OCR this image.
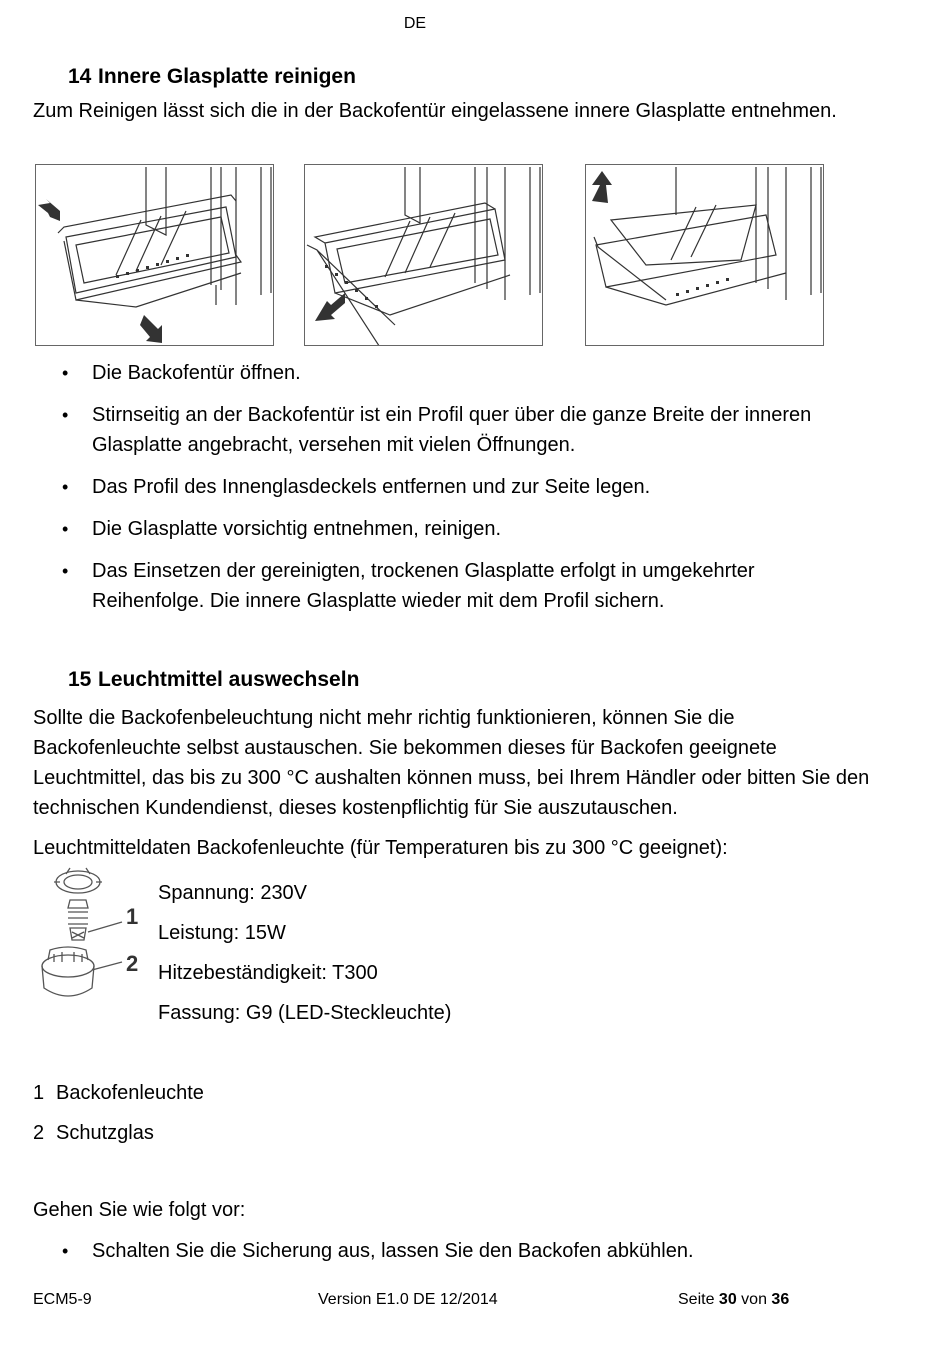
DE
14 Innere Glasplatte reinigen
Zum Reinigen lässt sich die in der Backofentür eingelassene innere Glasplatte entnehmen.
• Die Backofentür öffnen.
• Stirnseitig an der Backofentür ist ein Profil quer über die ganze Breite der inneren Glasplatte angebracht, versehen mit vielen Öffnungen.
• Das Profil des Innenglasdeckels entfernen und zur Seite legen.
• Die Glasplatte vorsichtig entnehmen, reinigen.
• Das Einsetzen der gereinigten, trockenen Glasplatte erfolgt in umgekehrter Reihenfolge. Die innere Glasplatte wieder mit dem Profil sichern.
15 Leuchtmittel auswechseln
Sollte die Backofenbeleuchtung nicht mehr richtig funktionieren, können Sie die Backofenleuchte selbst austauschen. Sie bekommen dieses für Backofen geeignete Leuchtmittel, das bis zu 300 °C aushalten können muss, bei Ihrem Händler oder bitten Sie den technischen Kundendienst, dieses kostenpflichtig für Sie auszutauschen.
Leuchtmitteldaten Backofenleuchte (für Temperaturen bis zu 300 °C geeignet):
1
2
Spannung: 230V
Leistung: 15W
Hitzebeständigkeit: T300
Fassung: G9 (LED-Steckleuchte)
1 Backofenleuchte
2 Schutzglas
Gehen Sie wie folgt vor:
• Schalten Sie die Sicherung aus, lassen Sie den Backofen abkühlen.
ECM5-9	Version E1.0 DE 12/2014	Seite 30 von 36
